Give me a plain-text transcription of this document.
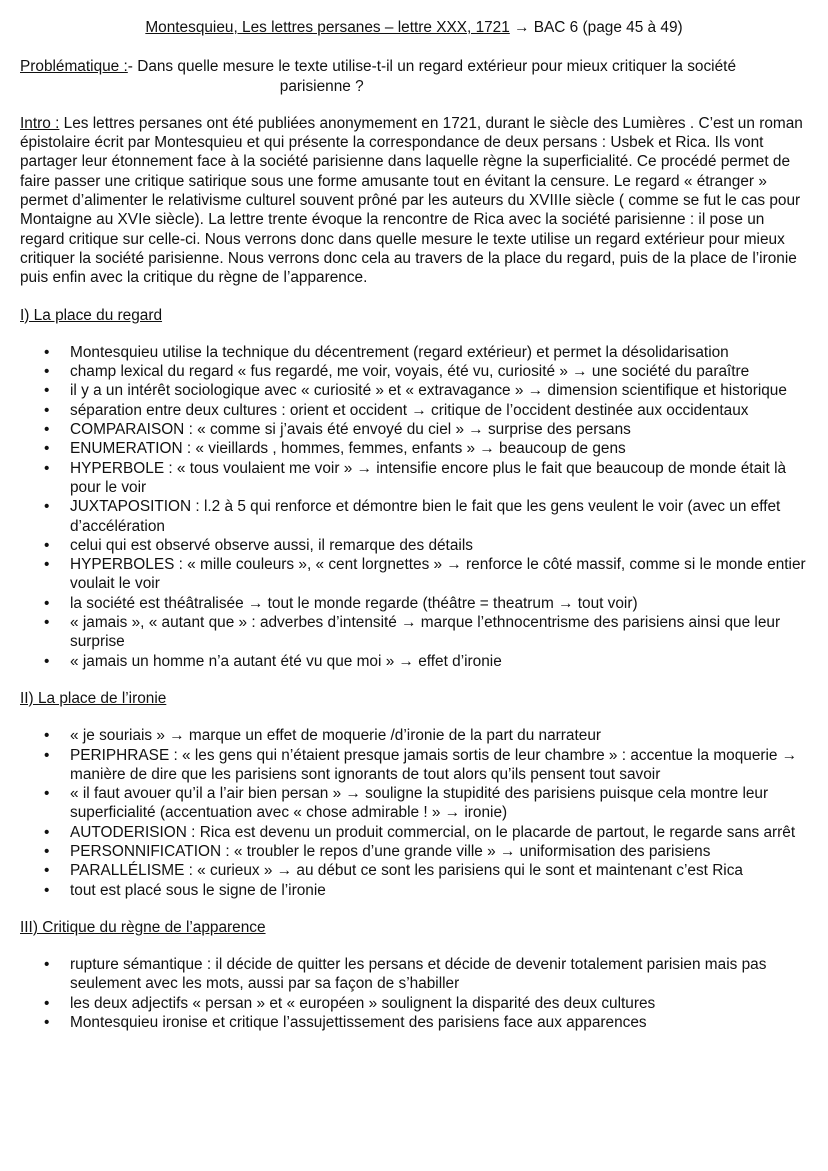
Montesquieu, Les lettres persanes – lettre XXX, 1721 → BAC 6 (page 45 à 49)
Problématique : - Dans quelle mesure le texte utilise-t-il un regard extérieur pour mieux critiquer la société
parisienne ?
Intro : Les lettres persanes ont été publiées anonymement en 1721, durant le siècle des Lumières . C’est un roman épistolaire écrit par Montesquieu et qui présente la correspondance de deux persans : Usbek et Rica. Ils vont partager leur étonnement face à la société parisienne dans laquelle règne la superficialité. Ce procédé permet de faire passer une critique satirique sous une forme amusante tout en évitant la censure. Le regard « étranger » permet d’alimenter le relativisme culturel souvent prôné par les auteurs du XVIIIe siècle ( comme se fut le cas pour Montaigne au XVIe siècle). La lettre trente évoque la rencontre de Rica avec la société parisienne : il pose un regard critique sur celle-ci. Nous verrons donc dans quelle mesure le texte utilise un regard extérieur pour mieux critiquer la société parisienne. Nous verrons donc cela au travers de la place du regard, puis de la place de l’ironie puis enfin avec la critique du règne de l’apparence.
I) La place du regard
• Montesquieu utilise la technique du décentrement (regard extérieur) et permet la désolidarisation
• champ lexical du regard « fus regardé, me voir, voyais, été vu, curiosité » → une société du paraître
• il y a un intérêt sociologique avec « curiosité » et « extravagance » → dimension scientifique et historique
• séparation entre deux cultures : orient et occident → critique de l’occident destinée aux occidentaux
• COMPARAISON : « comme si j’avais été envoyé du ciel » → surprise des persans
• ENUMERATION : « vieillards , hommes, femmes, enfants » → beaucoup de gens
• HYPERBOLE : « tous voulaient me voir » → intensifie encore plus le fait que beaucoup de monde était là pour le voir
• JUXTAPOSITION : l.2 à 5 qui renforce et démontre bien le fait que les gens veulent le voir (avec un effet d’accélération
• celui qui est observé observe aussi, il remarque des détails
• HYPERBOLES : « mille couleurs », « cent lorgnettes » → renforce le côté massif, comme si le monde entier voulait le voir
• la société est théâtralisée → tout le monde regarde (théâtre = theatrum → tout voir)
• « jamais », « autant que » : adverbes d’intensité → marque l’ethnocentrisme des parisiens ainsi que leur surprise
• « jamais un homme n’a autant été vu que moi » → effet d’ironie
II) La place de l’ironie
• « je souriais » → marque un effet de moquerie /d’ironie de la part du narrateur
• PERIPHRASE : « les gens qui n’étaient presque jamais sortis de leur chambre » : accentue la moquerie → manière de dire que les parisiens sont ignorants de tout alors qu’ils pensent tout savoir
• « il faut avouer qu’il a l’air bien persan » → souligne la stupidité des parisiens puisque cela montre leur superficialité (accentuation avec « chose admirable ! » → ironie)
• AUTODERISION : Rica est devenu un produit commercial, on le placarde de partout, le regarde sans arrêt
• PERSONNIFICATION : « troubler le repos d’une grande ville » → uniformisation des parisiens
• PARALLÉLISME : « curieux » → au début ce sont les parisiens qui le sont et maintenant c’est Rica
• tout est placé sous le signe de l’ironie
III) Critique du règne de l’apparence
• rupture sémantique : il décide de quitter les persans et décide de devenir totalement parisien mais pas seulement avec les mots, aussi par sa façon de s’habiller
• les deux adjectifs « persan » et « européen » soulignent la disparité des deux cultures
• Montesquieu ironise et critique l’assujettissement des parisiens face aux apparences
